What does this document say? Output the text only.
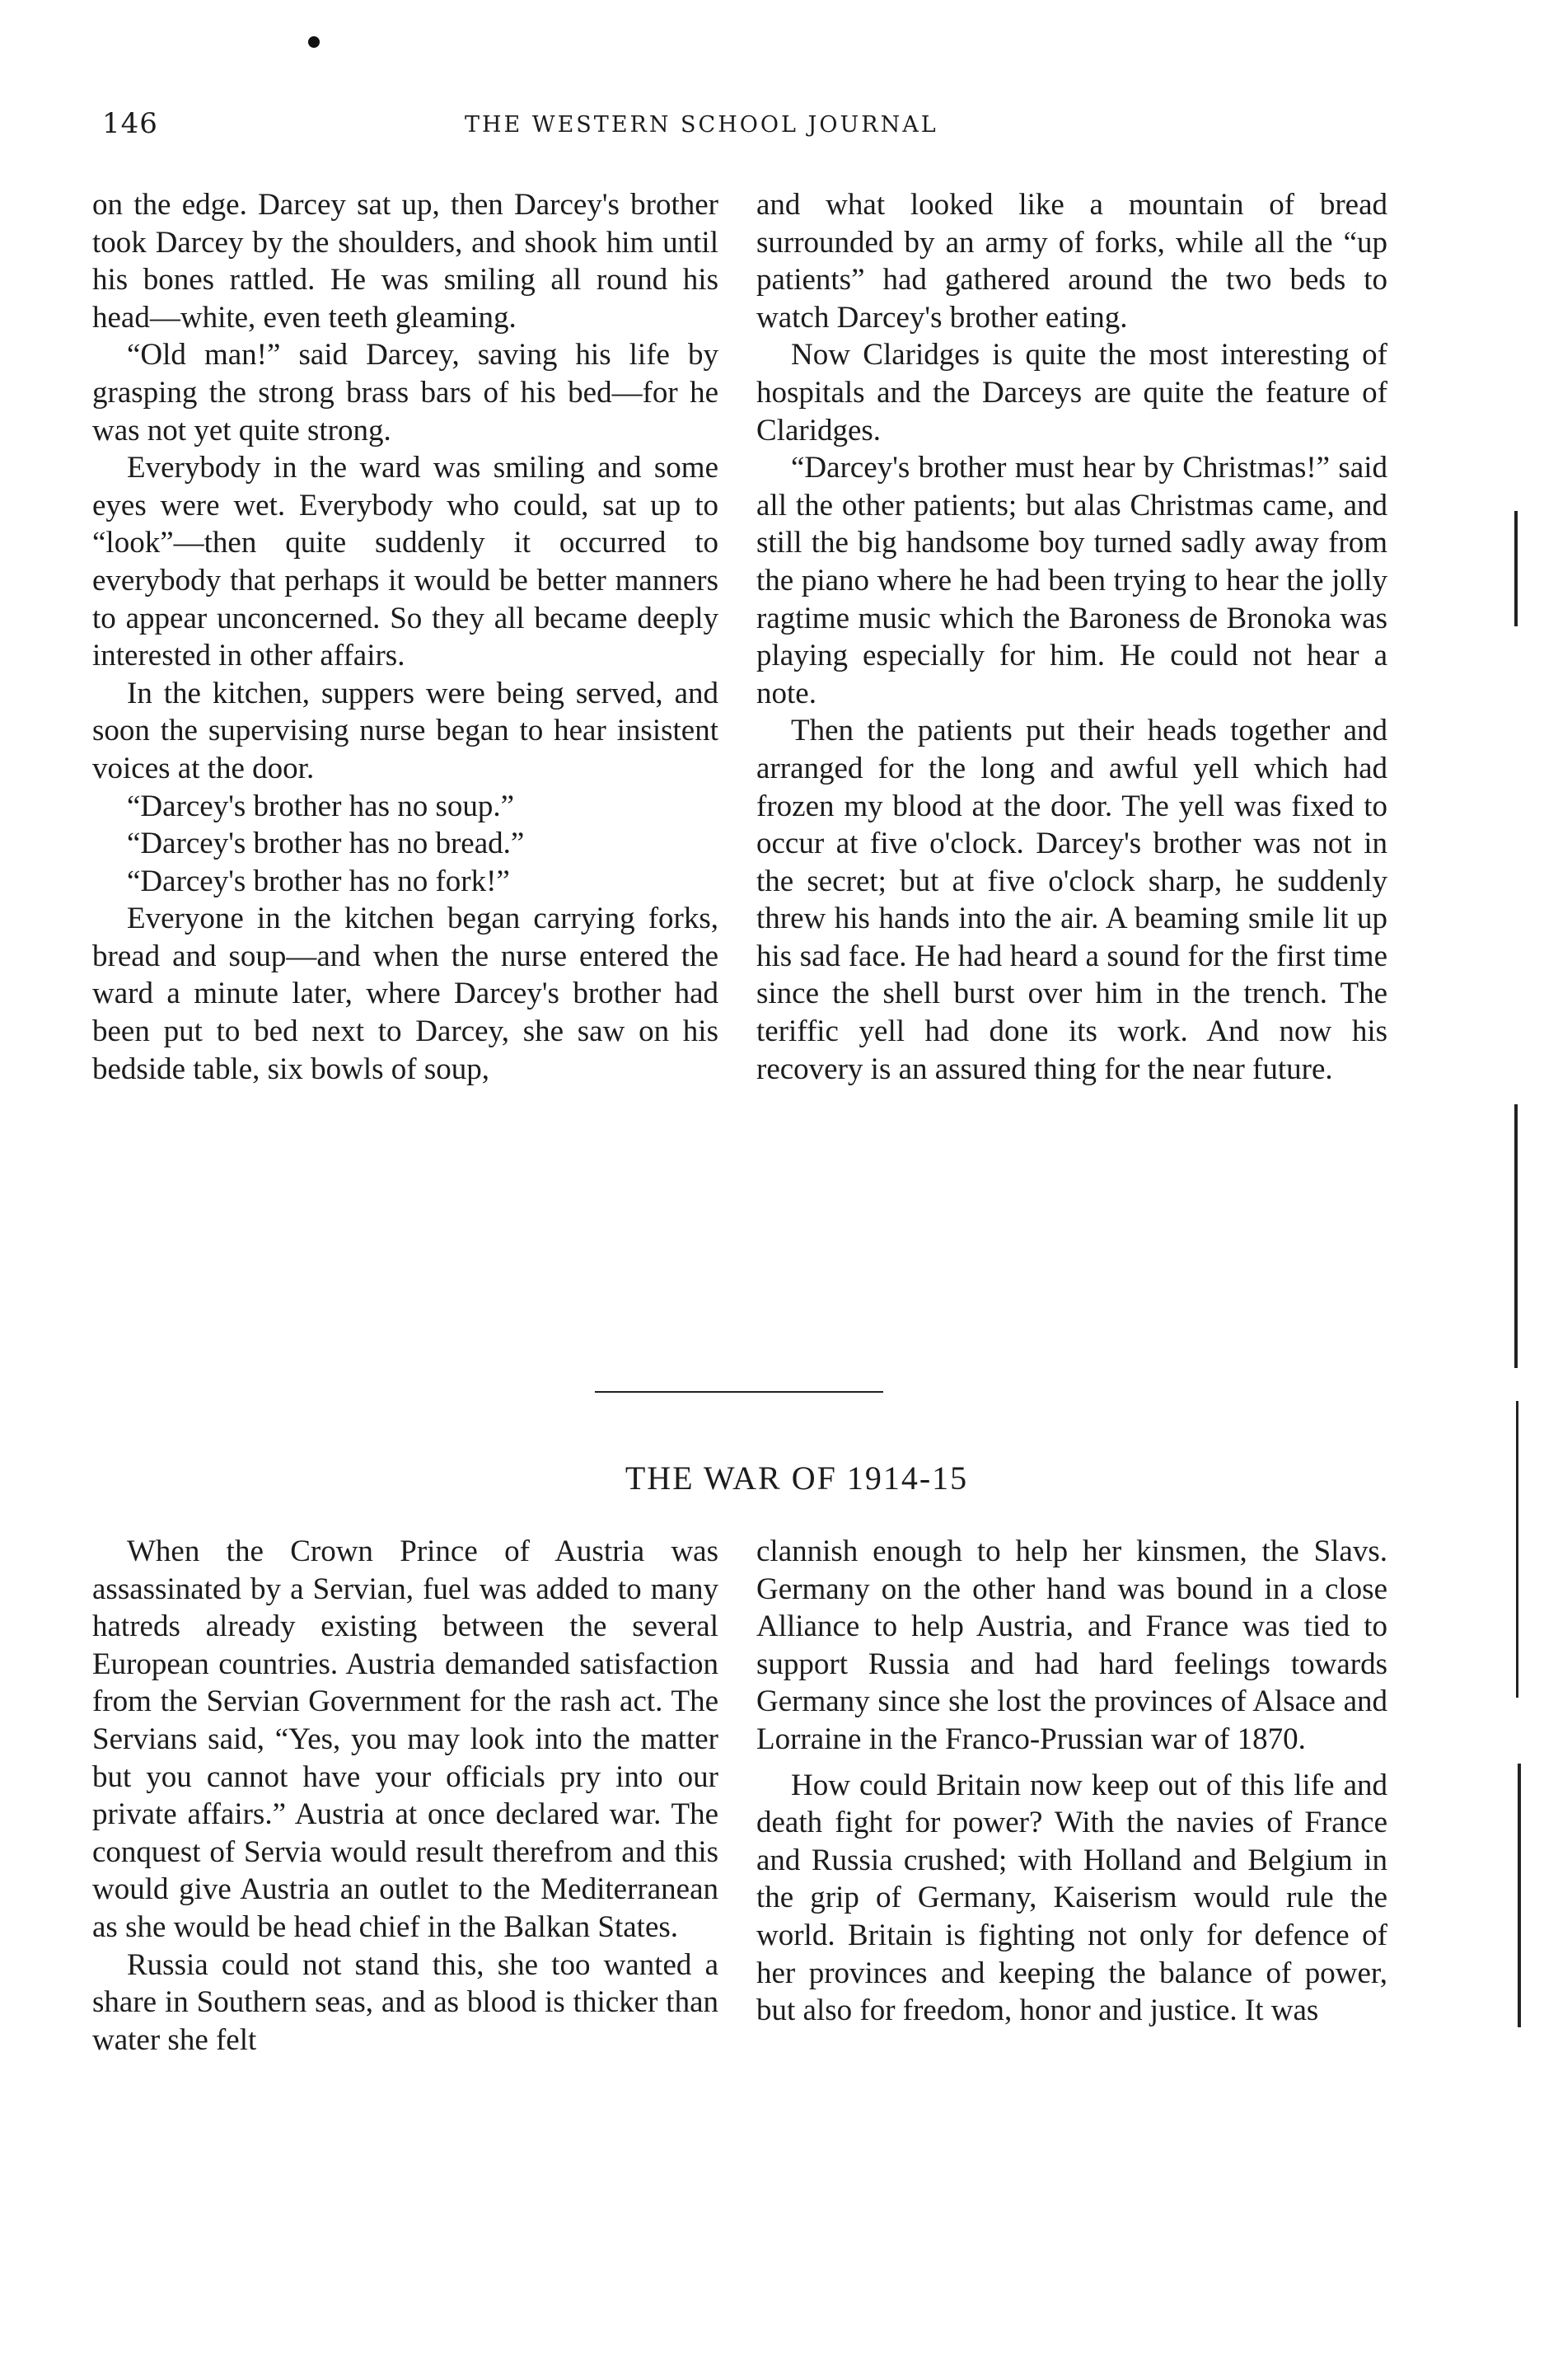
146	THE WESTERN SCHOOL JOURNAL

on the edge. Darcey sat up, then Darcey's brother took Darcey by the shoulders, and shook him until his bones rattled. He was smiling all round his head—white, even teeth gleaming.

“Old man!” said Darcey, saving his life by grasping the strong brass bars of his bed—for he was not yet quite strong.

Everybody in the ward was smiling and some eyes were wet. Everybody who could, sat up to “look”—then quite suddenly it occurred to everybody that perhaps it would be better manners to appear unconcerned. So they all became deeply interested in other affairs.

In the kitchen, suppers were being served, and soon the supervising nurse began to hear insistent voices at the door.

“Darcey's brother has no soup.”

“Darcey's brother has no bread.”

“Darcey's brother has no fork!”

Everyone in the kitchen began carrying forks, bread and soup—and when the nurse entered the ward a minute later, where Darcey's brother had been put to bed next to Darcey, she saw on his bedside table, six bowls of soup,

and what looked like a mountain of bread surrounded by an army of forks, while all the “up patients” had gathered around the two beds to watch Darcey's brother eating.

Now Claridges is quite the most interesting of hospitals and the Darceys are quite the feature of Claridges.

“Darcey's brother must hear by Christmas!” said all the other patients; but alas Christmas came, and still the big handsome boy turned sadly away from the piano where he had been trying to hear the jolly ragtime music which the Baroness de Bronoka was playing especially for him. He could not hear a note.

Then the patients put their heads together and arranged for the long and awful yell which had frozen my blood at the door. The yell was fixed to occur at five o'clock. Darcey's brother was not in the secret; but at five o'clock sharp, he suddenly threw his hands into the air. A beaming smile lit up his sad face. He had heard a sound for the first time since the shell burst over him in the trench. The teriffic yell had done its work. And now his recovery is an assured thing for the near future.

THE WAR OF 1914-15

When the Crown Prince of Austria was assassinated by a Servian, fuel was added to many hatreds already existing between the several European countries. Austria demanded satisfaction from the Servian Government for the rash act. The Servians said, “Yes, you may look into the matter but you cannot have your officials pry into our private affairs.” Austria at once declared war. The conquest of Servia would result therefrom and this would give Austria an outlet to the Mediterranean as she would be head chief in the Balkan States.

Russia could not stand this, she too wanted a share in Southern seas, and as blood is thicker than water she felt

clannish enough to help her kinsmen, the Slavs. Germany on the other hand was bound in a close Alliance to help Austria, and France was tied to support Russia and had hard feelings towards Germany since she lost the provinces of Alsace and Lorraine in the Franco-Prussian war of 1870.

How could Britain now keep out of this life and death fight for power? With the navies of France and Russia crushed; with Holland and Belgium in the grip of Germany, Kaiserism would rule the world. Britain is fighting not only for defence of her provinces and keeping the balance of power, but also for freedom, honor and justice. It was
